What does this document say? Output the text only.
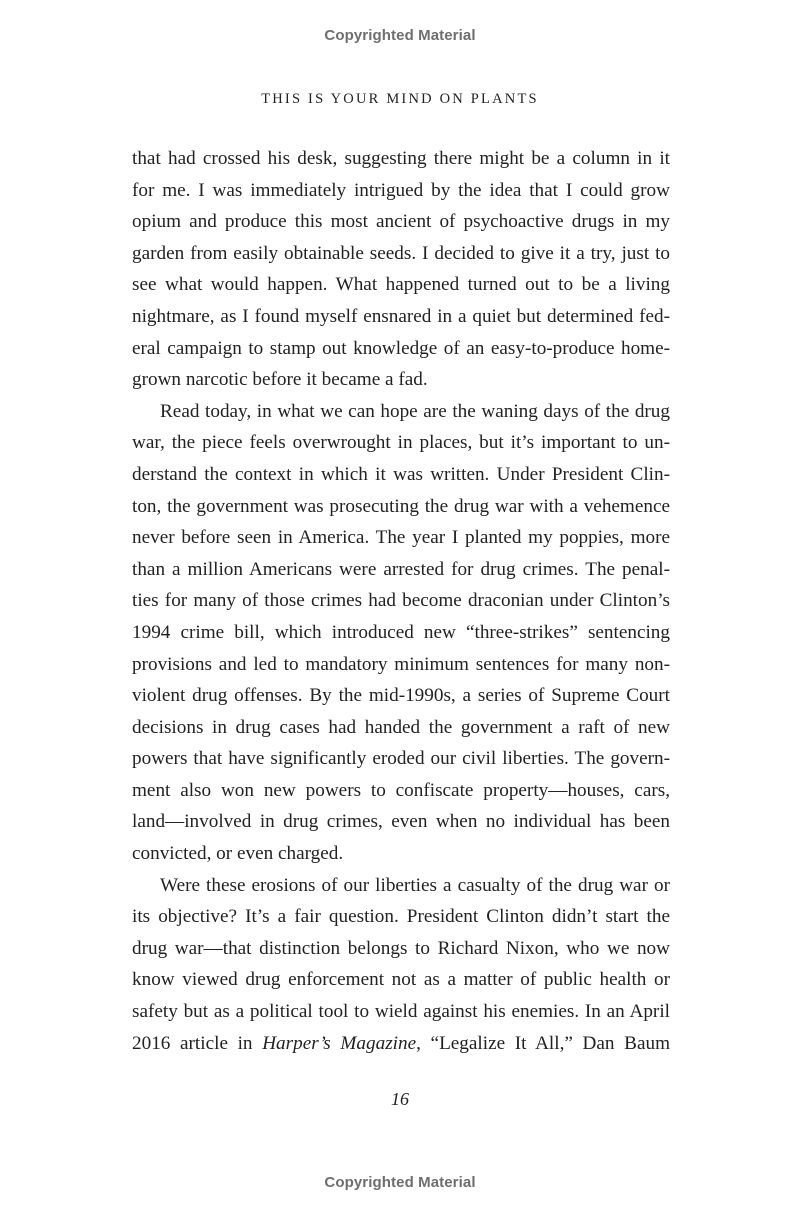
Copyrighted Material
THIS IS YOUR MIND ON PLANTS
that had crossed his desk, suggesting there might be a column in it
for me. I was immediately intrigued by the idea that I could grow
opium and produce this most ancient of psychoactive drugs in my
garden from easily obtainable seeds. I decided to give it a try, just to
see what would happen. What happened turned out to be a living
nightmare, as I found myself ensnared in a quiet but determined fed-
eral campaign to stamp out knowledge of an easy-to-produce home-
grown narcotic before it became a fad.
Read today, in what we can hope are the waning days of the drug
war, the piece feels overwrought in places, but it’s important to un-
derstand the context in which it was written. Under President Clin-
ton, the government was prosecuting the drug war with a vehemence
never before seen in America. The year I planted my poppies, more
than a million Americans were arrested for drug crimes. The penal-
ties for many of those crimes had become draconian under Clinton’s
1994 crime bill, which introduced new “three-strikes” sentencing
provisions and led to mandatory minimum sentences for many non-
violent drug offenses. By the mid-1990s, a series of Supreme Court
decisions in drug cases had handed the government a raft of new
powers that have significantly eroded our civil liberties. The govern-
ment also won new powers to confiscate property—houses, cars,
land—involved in drug crimes, even when no individual has been
convicted, or even charged.
Were these erosions of our liberties a casualty of the drug war or
its objective? It’s a fair question. President Clinton didn’t start the
drug war—that distinction belongs to Richard Nixon, who we now
know viewed drug enforcement not as a matter of public health or
safety but as a political tool to wield against his enemies. In an April
2016 article in Harper’s Magazine, “Legalize It All,” Dan Baum
16
Copyrighted Material
